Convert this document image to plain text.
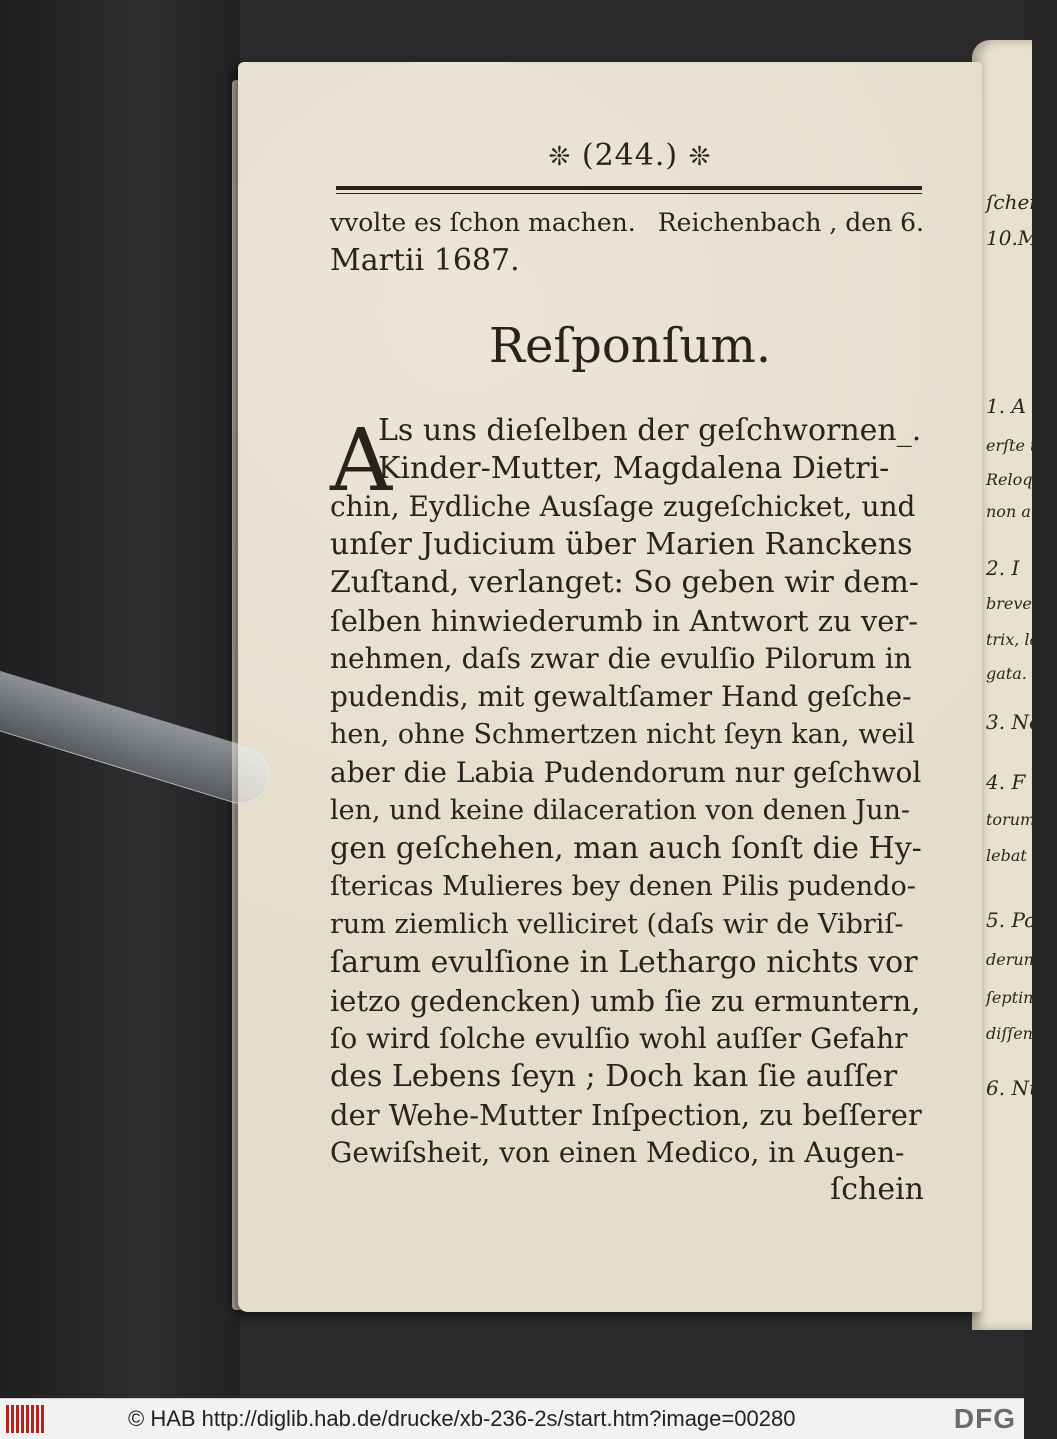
ſchein
10.M
1. A
erſte ta
Reloqu
non au
2. I
breve
trix, la
gata.
3. Ne
4. F
torum,
lebat ex
5. Po
derunt i
ſeptinan
diſſenſis,
6. Nu
❊ (244.) ❊
vvolte es ſchon machen. Reichenbach , den 6.
Martii 1687.
Reſponſum.
A
Ls uns dieſelben der geſchwornen_.
Kinder-Mutter, Magdalena Dietri-
chin, Eydliche Ausſage zugeſchicket, und
unſer Judicium über Marien Ranckens
Zuſtand, verlanget: So geben wir dem-
ſelben hinwiederumb in Antwort zu ver-
nehmen, daſs zwar die evulſio Pilorum in
pudendis, mit gewaltſamer Hand geſche-
hen, ohne Schmertzen nicht ſeyn kan, weil
aber die Labia Pudendorum nur geſchwol
len, und keine dilaceration von denen Jun-
gen geſchehen, man auch ſonſt die Hy-
ſtericas Mulieres bey denen Pilis pudendo-
rum ziemlich velliciret (daſs wir de Vibriſ-
ſarum evulſione in Lethargo nichts vor
ietzo gedencken) umb ſie zu ermuntern,
ſo wird ſolche evulſio wohl auſſer Gefahr
des Lebens ſeyn ; Doch kan ſie auſſer
der Wehe-Mutter Inſpection, zu beſſerer
Gewiſsheit, von einen Medico, in Augen-
ſchein
© HAB http://diglib.hab.de/drucke/xb-236-2s/start.htm?image=00280	DFG
